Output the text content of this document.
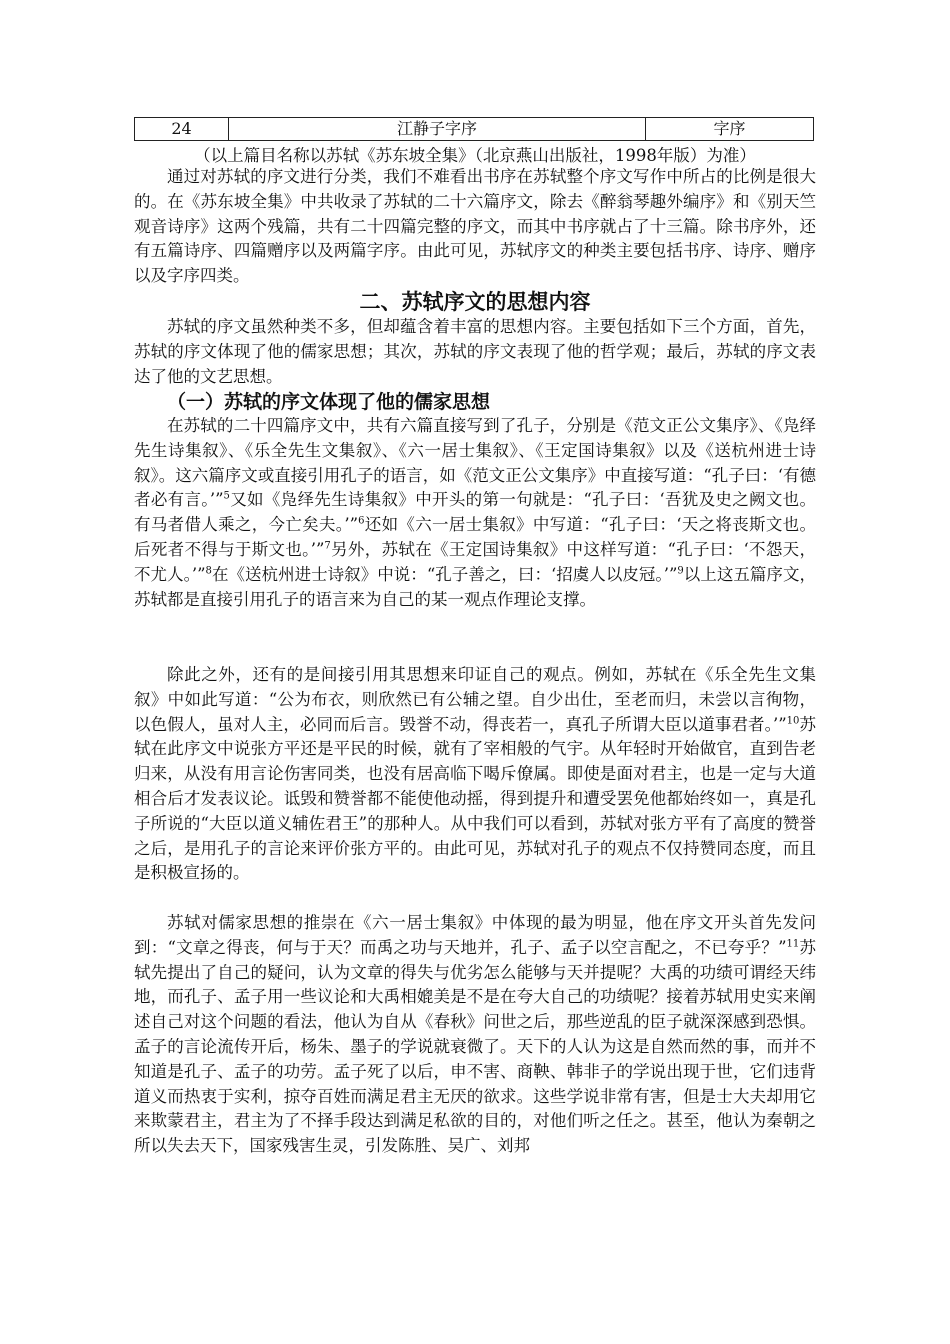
24	江静子字序	字序
（以上篇目名称以苏轼《苏东坡全集》（北京燕山出版社，1998年版）为准）

通过对苏轼的序文进行分类，我们不难看出书序在苏轼整个序文写作中所占的比例是很大的。在《苏东坡全集》中共收录了苏轼的二十六篇序文，除去《醉翁琴趣外编序》和《别天竺观音诗序》这两个残篇，共有二十四篇完整的序文，而其中书序就占了十三篇。除书序外，还有五篇诗序、四篇赠序以及两篇字序。由此可见，苏轼序文的种类主要包括书序、诗序、赠序以及字序四类。

二、苏轼序文的思想内容

苏轼的序文虽然种类不多，但却蕴含着丰富的思想内容。主要包括如下三个方面，首先，苏轼的序文体现了他的儒家思想；其次，苏轼的序文表现了他的哲学观；最后，苏轼的序文表达了他的文艺思想。

（一）苏轼的序文体现了他的儒家思想

在苏轼的二十四篇序文中，共有六篇直接写到了孔子，分别是《范文正公文集序》、《凫绎先生诗集叙》、《乐全先生文集叙》、《六一居士集叙》、《王定国诗集叙》以及《送杭州进士诗叙》。这六篇序文或直接引用孔子的语言，如《范文正公文集序》中直接写道：“孔子曰：‘有德者必有言。’”$^5$又如《凫绎先生诗集叙》中开头的第一句就是：“孔子曰：‘吾犹及史之阙文也。有马者借人乘之，今亡矣夫。’”$^6$还如《六一居士集叙》中写道：“孔子曰：‘天之将丧斯文也。后死者不得与于斯文也。’”$^7$另外，苏轼在《王定国诗集叙》中这样写道：“孔子曰：‘不怨天，不尤人。’”$^8$在《送杭州进士诗叙》中说：“孔子善之，曰：‘招虞人以皮冠。’”$^9$以上这五篇序文，苏轼都是直接引用孔子的语言来为自己的某一观点作理论支撑。

除此之外，还有的是间接引用其思想来印证自己的观点。例如，苏轼在《乐全先生文集叙》中如此写道：“公为布衣，则欣然已有公辅之望。自少出仕，至老而归，未尝以言徇物，以色假人，虽对人主，必同而后言。毁誉不动，得丧若一，真孔子所谓大臣以道事君者。’”$^{10}$苏轼在此序文中说张方平还是平民的时候，就有了宰相般的气宇。从年轻时开始做官，直到告老归来，从没有用言论伤害同类，也没有居高临下喝斥僚属。即使是面对君主，也是一定与大道相合后才发表议论。诋毁和赞誉都不能使他动摇，得到提升和遭受罢免他都始终如一，真是孔子所说的“大臣以道义辅佐君王”的那种人。从中我们可以看到，苏轼对张方平有了高度的赞誉之后，是用孔子的言论来评价张方平的。由此可见，苏轼对孔子的观点不仅持赞同态度，而且是积极宣扬的。

苏轼对儒家思想的推崇在《六一居士集叙》中体现的最为明显，他在序文开头首先发问到：“文章之得丧，何与于天？而禹之功与天地并，孔子、孟子以空言配之，不已夸乎？”$^{11}$苏轼先提出了自己的疑问，认为文章的得失与优劣怎么能够与天并提呢？大禹的功绩可谓经天纬地，而孔子、孟子用一些议论和大禹相媲美是不是在夸大自己的功绩呢？接着苏轼用史实来阐述自己对这个问题的看法，他认为自从《春秋》问世之后，那些逆乱的臣子就深深感到恐惧。孟子的言论流传开后，杨朱、墨子的学说就衰微了。天下的人认为这是自然而然的事，而并不知道是孔子、孟子的功劳。孟子死了以后，申不害、商鞅、韩非子的学说出现于世，它们违背道义而热衷于实利，掠夺百姓而满足君主无厌的欲求。这些学说非常有害，但是士大夫却用它来欺蒙君主，君主为了不择手段达到满足私欲的目的，对他们听之任之。甚至，他认为秦朝之所以失去天下，国家残害生灵，引发陈胜、吴广、刘邦
